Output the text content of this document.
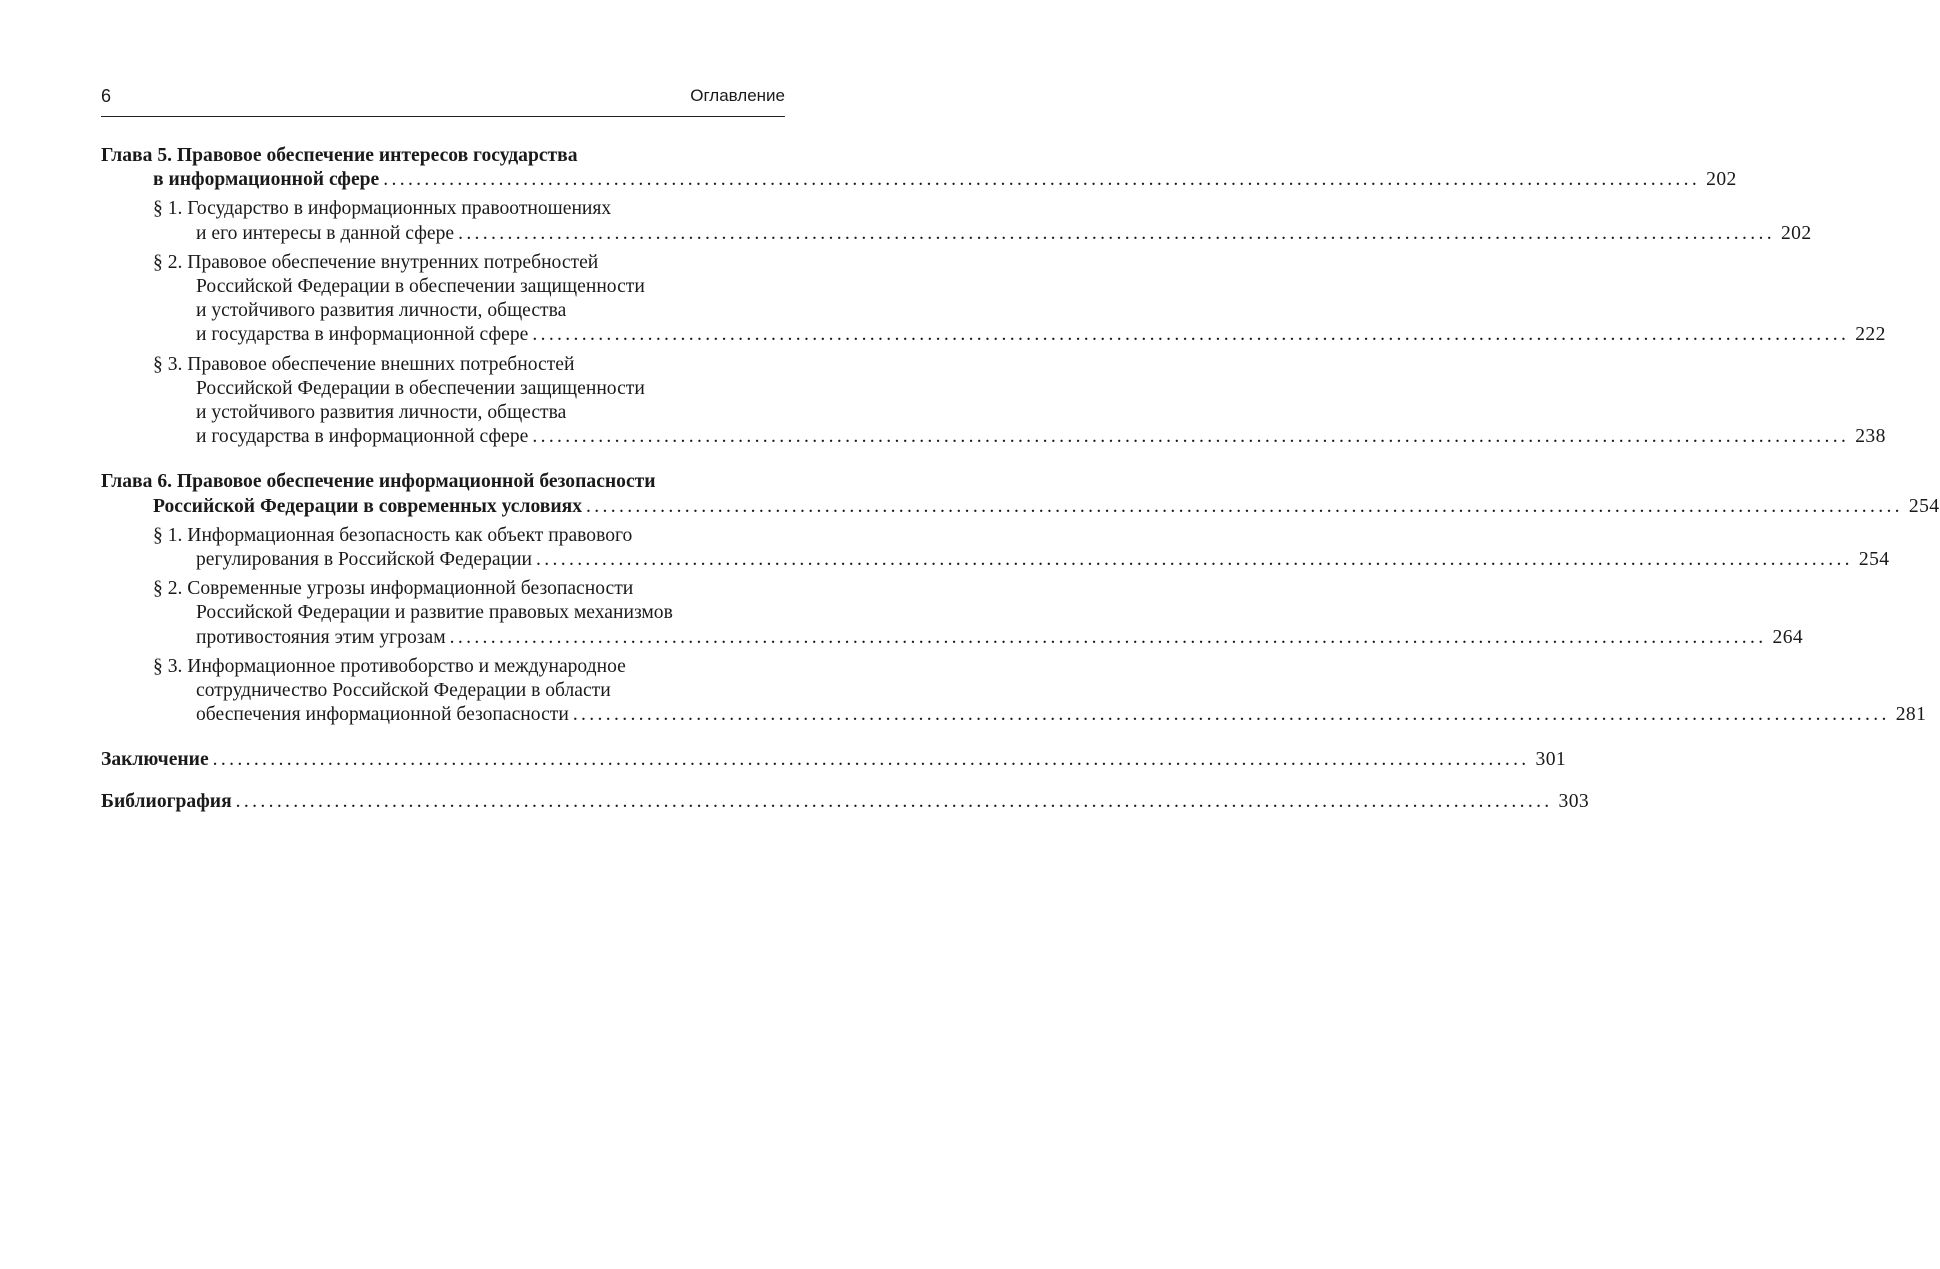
6	Оглавление
Глава 5. Правовое обеспечение интересов государства
в информационной сфере ................................................................................................................................................................ 202
§ 1. Государство в информационных правоотношениях
и его интересы в данной сфере ................................................................................................................................................................ 202
§ 2. Правовое обеспечение внутренних потребностей
Российской Федерации в обеспечении защищенности
и устойчивого развития личности, общества
и государства в информационной сфере ................................................................................................................................................................ 222
§ 3. Правовое обеспечение внешних потребностей
Российской Федерации в обеспечении защищенности
и устойчивого развития личности, общества
и государства в информационной сфере ................................................................................................................................................................ 238
Глава 6. Правовое обеспечение информационной безопасности
Российской Федерации в современных условиях ................................................................................................................................................................ 254
§ 1. Информационная безопасность как объект правового
регулирования в Российской Федерации ................................................................................................................................................................ 254
§ 2. Современные угрозы информационной безопасности
Российской Федерации и развитие правовых механизмов
противостояния этим угрозам ................................................................................................................................................................ 264
§ 3. Информационное противоборство и международное
сотрудничество Российской Федерации в области
обеспечения информационной безопасности ................................................................................................................................................................ 281
Заключение ................................................................................................................................................................ 301
Библиография ................................................................................................................................................................ 303
